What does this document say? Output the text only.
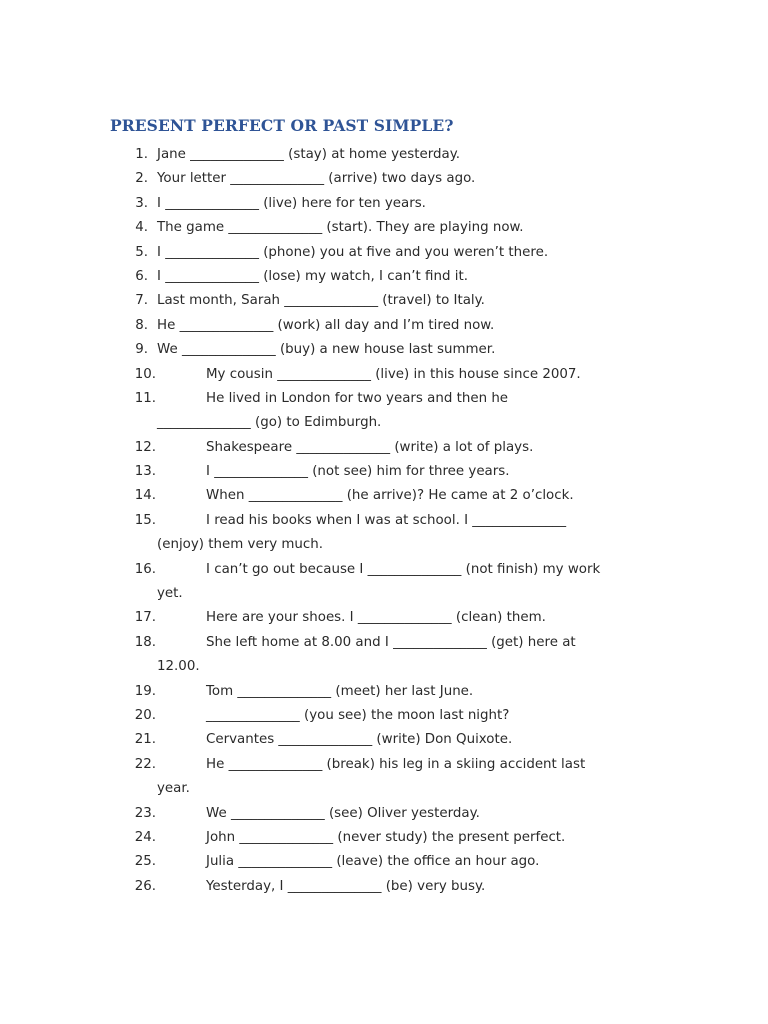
PRESENT PERFECT OR PAST SIMPLE?
1. Jane ______________ (stay) at home yesterday.
2. Your letter ______________ (arrive) two days ago.
3. I ______________ (live) here for ten years.
4. The game ______________ (start). They are playing now.
5. I ______________ (phone) you at five and you weren’t there.
6. I ______________ (lose) my watch, I can’t find it.
7. Last month, Sarah ______________ (travel) to Italy.
8. He ______________ (work) all day and I’m tired now.
9. We ______________ (buy) a new house last summer.
10.	My cousin ______________ (live) in this house since 2007.
11.	He lived in London for two years and then he
______________ (go) to Edimburgh.
12.	Shakespeare ______________ (write) a lot of plays.
13.	I ______________ (not see) him for three years.
14.	When ______________ (he arrive)? He came at 2 o’clock.
15.	I read his books when I was at school. I ______________
(enjoy) them very much.
16.	I can’t go out because I ______________ (not finish) my work
yet.
17.	Here are your shoes. I ______________ (clean) them.
18.	She left home at 8.00 and I ______________ (get) here at
12.00.
19.	Tom ______________ (meet) her last June.
20.	______________ (you see) the moon last night?
21.	Cervantes ______________ (write) Don Quixote.
22.	He ______________ (break) his leg in a skiing accident last
year.
23.	We ______________ (see) Oliver yesterday.
24.	John ______________ (never study) the present perfect.
25.	Julia ______________ (leave) the office an hour ago.
26.	Yesterday, I ______________ (be) very busy.
